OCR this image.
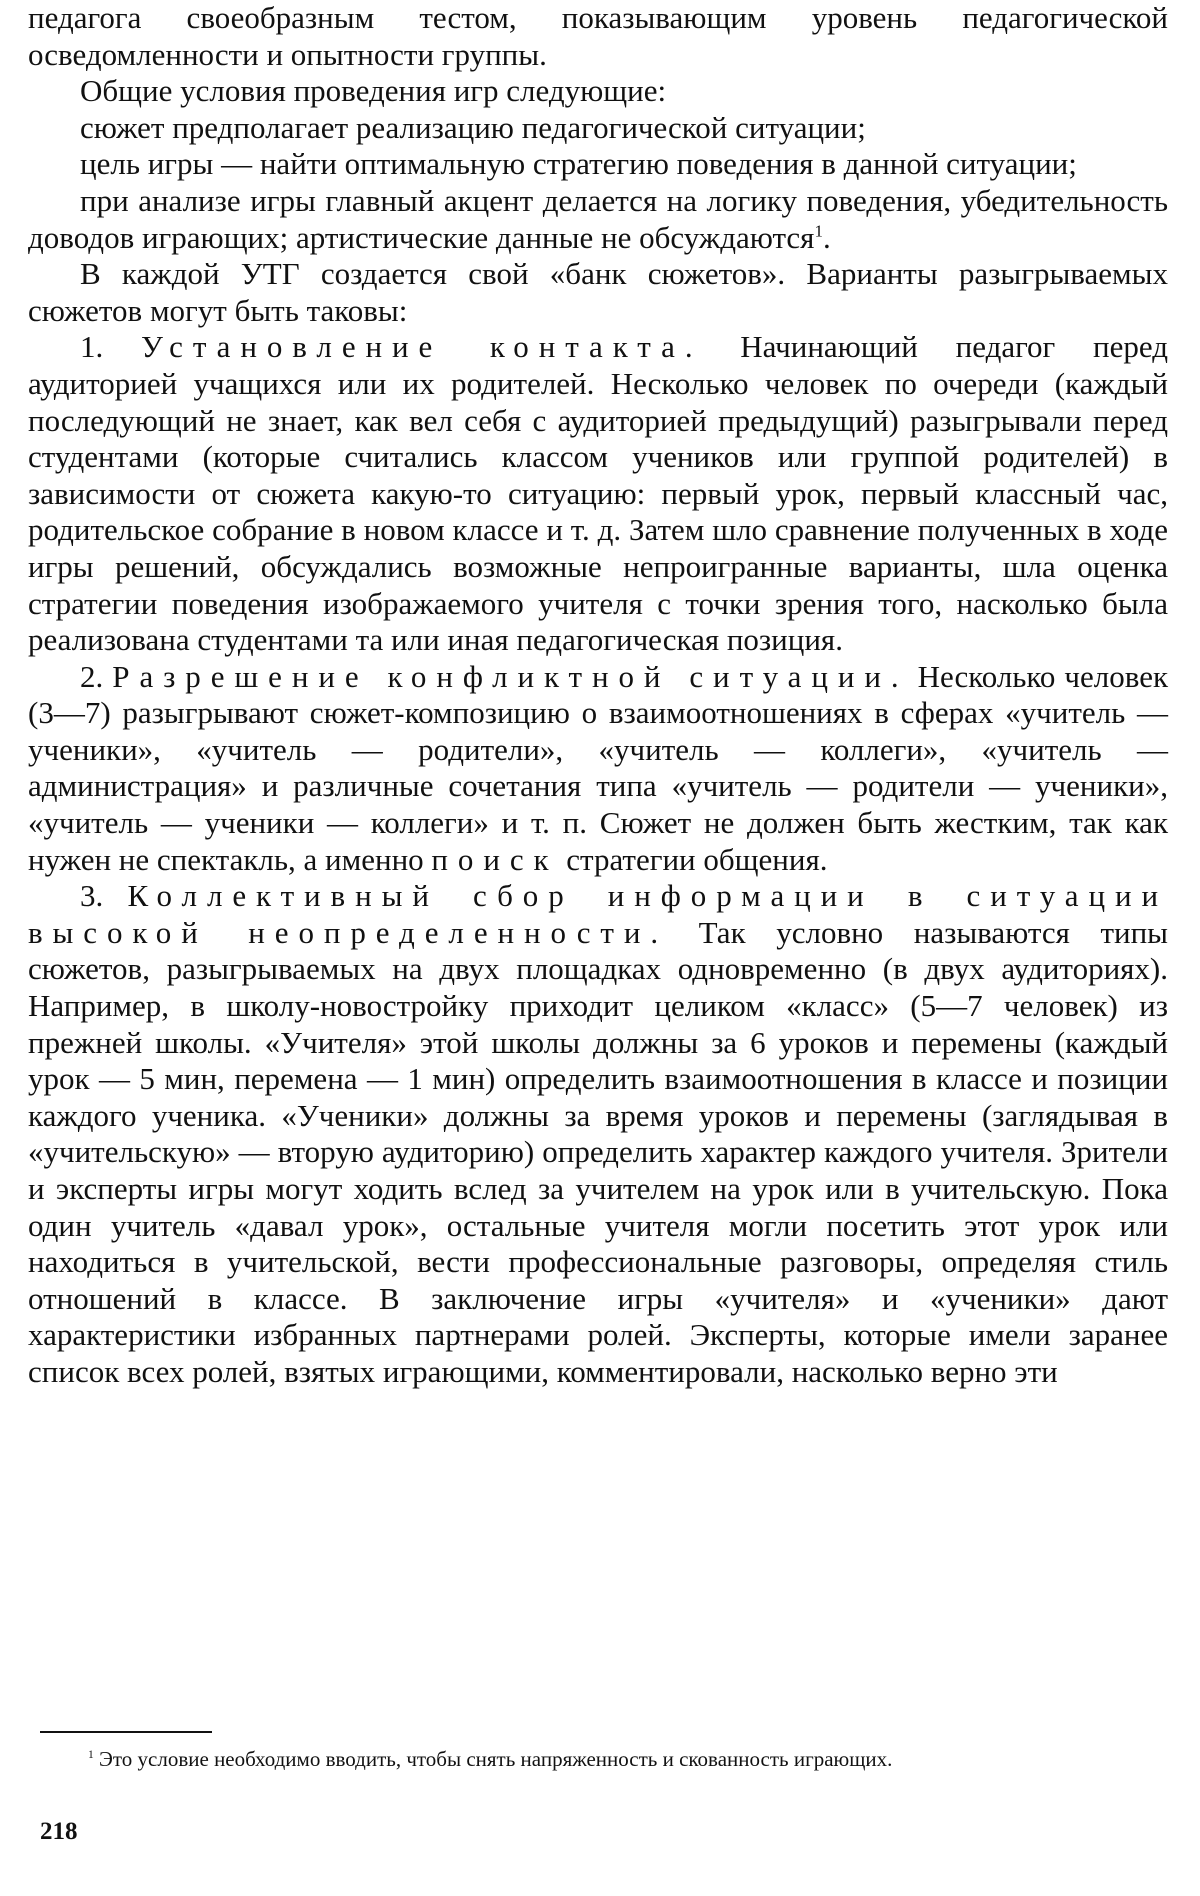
педагога своеобразным тестом, показывающим уровень педагогической осведомленности и опытности группы.

Общие условия проведения игр следующие:

сюжет предполагает реализацию педагогической ситуации;

цель игры — найти оптимальную стратегию поведения в данной ситуации;

при анализе игры главный акцент делается на логику поведения, убедительность доводов играющих; артистические данные не обсуждаются$^1$.

В каждой УТГ создается свой «банк сюжетов». Варианты разыгрываемых сюжетов могут быть таковы:

1. Установление контакта. Начинающий педагог перед аудиторией учащихся или их родителей. Несколько человек по очереди (каждый последующий не знает, как вел себя с аудиторией предыдущий) разыгрывали перед студентами (которые считались классом учеников или группой родителей) в зависимости от сюжета какую-то ситуацию: первый урок, первый классный час, родительское собрание в новом классе и т. д. Затем шло сравнение полученных в ходе игры решений, обсуждались возможные непроигранные варианты, шла оценка стратегии поведения изображаемого учителя с точки зрения того, насколько была реализована студентами та или иная педагогическая позиция.

2. Разрешение конфликтной ситуации. Несколько человек (3—7) разыгрывают сюжет-композицию о взаимоотношениях в сферах «учитель — ученики», «учитель — родители», «учитель — коллеги», «учитель — администрация» и различные сочетания типа «учитель — родители — ученики», «учитель — ученики — коллеги» и т. п. Сюжет не должен быть жестким, так как нужен не спектакль, а именно поиск стратегии общения.

3. Коллективный сбор информации в ситуации высокой неопределенности. Так условно называются типы сюжетов, разыгрываемых на двух площадках одновременно (в двух аудиториях). Например, в школу-новостройку приходит целиком «класс» (5—7 человек) из прежней школы. «Учителя» этой школы должны за 6 уроков и перемены (каждый урок — 5 мин, перемена — 1 мин) определить взаимоотношения в классе и позиции каждого ученика. «Ученики» должны за время уроков и перемены (заглядывая в «учительскую» — вторую аудиторию) определить характер каждого учителя. Зрители и эксперты игры могут ходить вслед за учителем на урок или в учительскую. Пока один учитель «давал урок», остальные учителя могли посетить этот урок или находиться в учительской, вести профессиональные разговоры, определяя стиль отношений в классе. В заключение игры «учителя» и «ученики» дают характеристики избранных партнерами ролей. Эксперты, которые имели заранее список всех ролей, взятых играющими, комментировали, насколько верно эти

$^1$ Это условие необходимо вводить, чтобы снять напряженность и скованность играющих.

218
